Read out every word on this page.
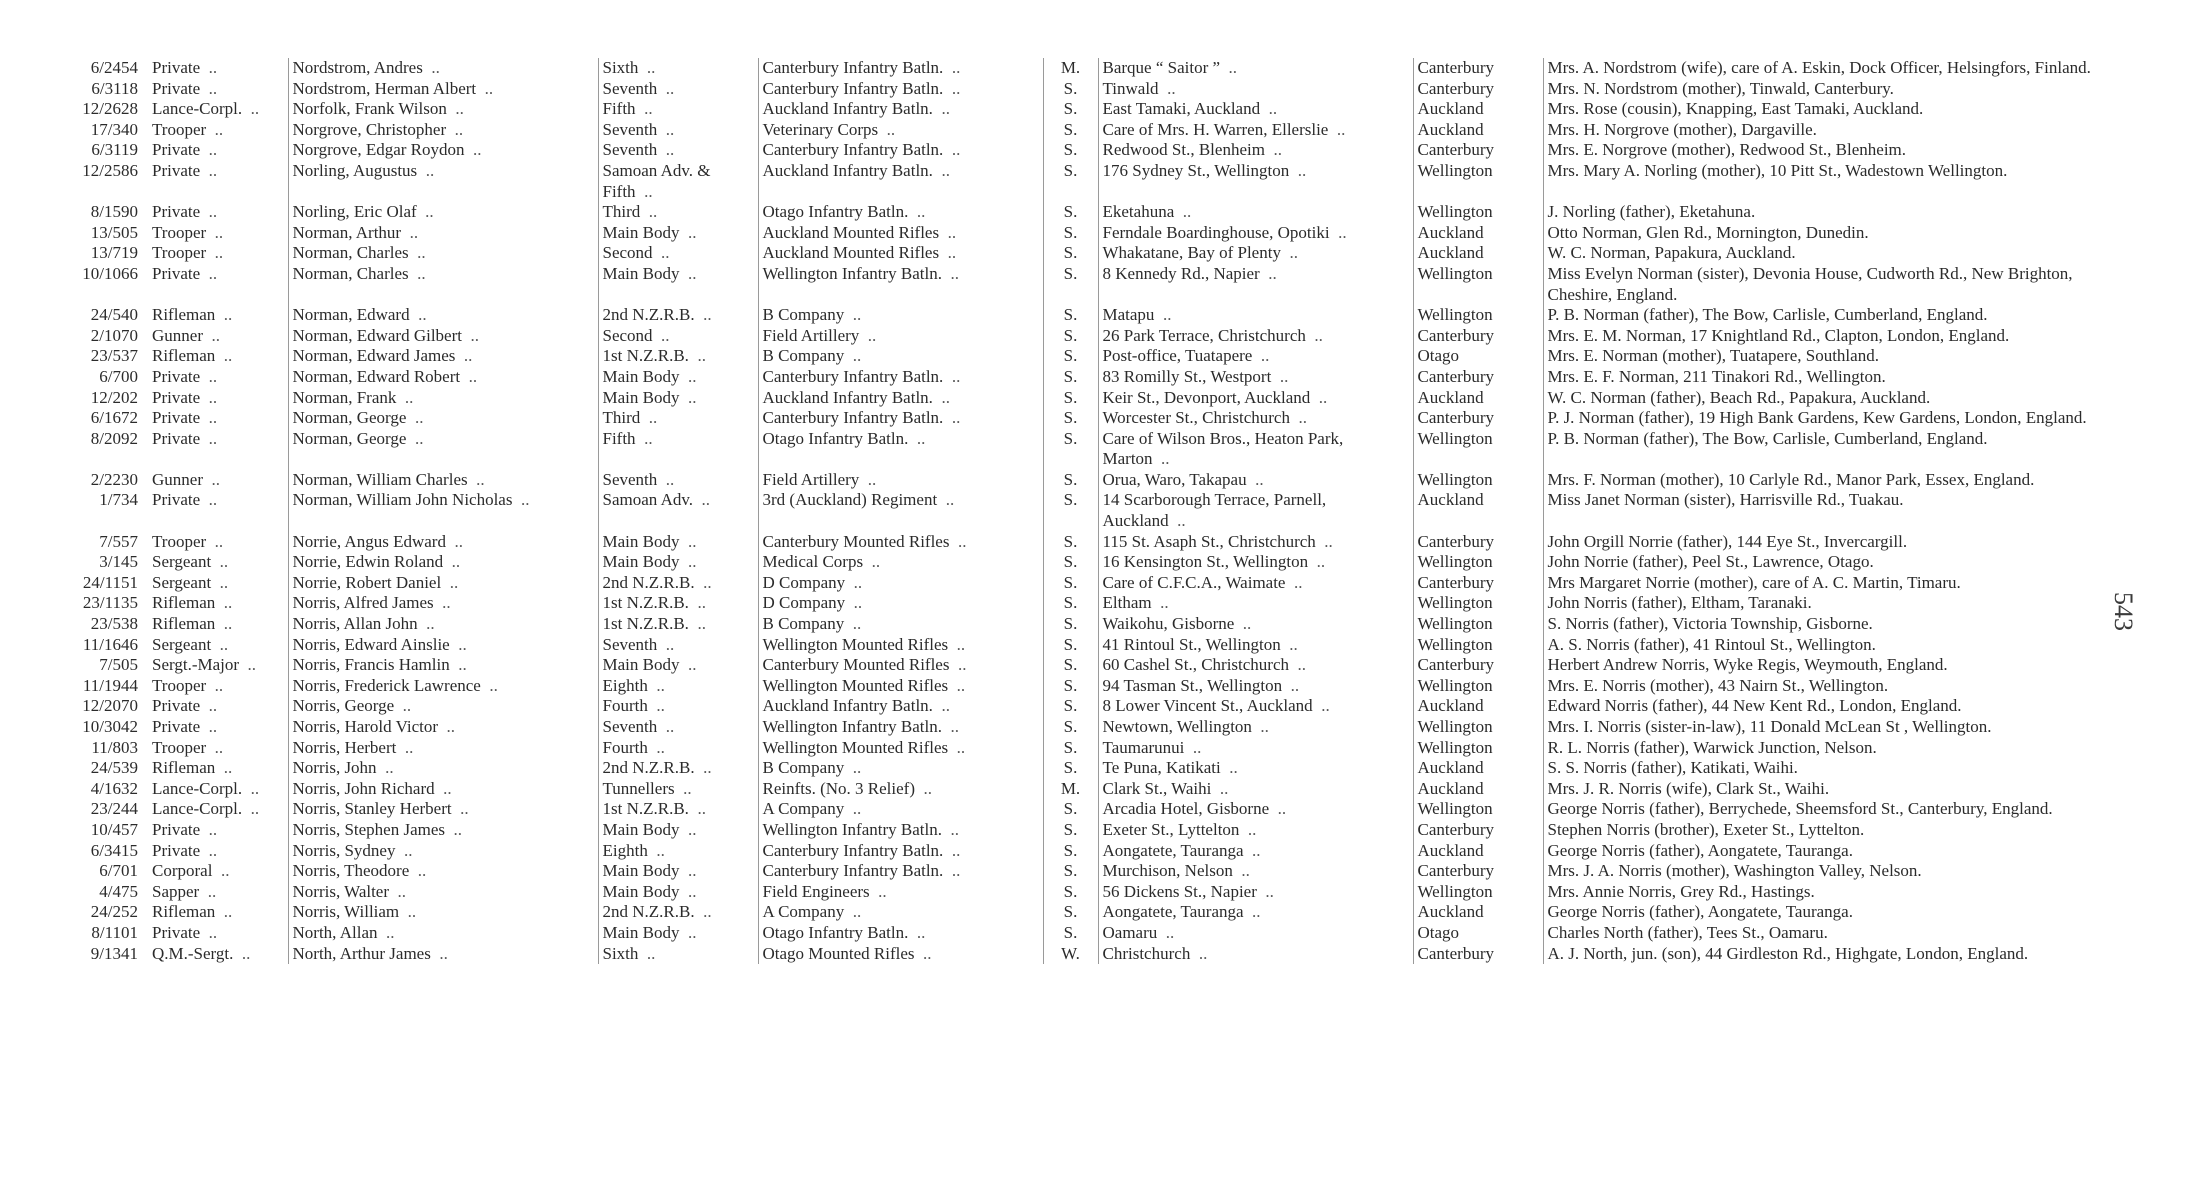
6/2454	Private  ..	Nordstrom, Andres  ..	Sixth  ..	Canterbury Infantry Batln.  ..	M.	Barque “ Saitor ”  ..	Canterbury	Mrs. A. Nordstrom (wife), care of A. Eskin, Dock Officer, Helsingfors, Finland.
6/3118	Private  ..	Nordstrom, Herman Albert  ..	Seventh  ..	Canterbury Infantry Batln.  ..	S.	Tinwald  ..	Canterbury	Mrs. N. Nordstrom (mother), Tinwald, Canterbury.
12/2628	Lance-Corpl.  ..	Norfolk, Frank Wilson  ..	Fifth  ..	Auckland Infantry Batln.  ..	S.	East Tamaki, Auckland  ..	Auckland	Mrs. Rose (cousin), Knapping, East Tamaki, Auckland.
17/340	Trooper  ..	Norgrove, Christopher  ..	Seventh  ..	Veterinary Corps  ..	S.	Care of Mrs. H. Warren, Ellerslie  ..	Auckland	Mrs. H. Norgrove (mother), Dargaville.
6/3119	Private  ..	Norgrove, Edgar Roydon  ..	Seventh  ..	Canterbury Infantry Batln.  ..	S.	Redwood St., Blenheim  ..	Canterbury	Mrs. E. Norgrove (mother), Redwood St., Blenheim.
12/2586	Private  ..	Norling, Augustus  ..	Samoan Adv. & Fifth  ..	Auckland Infantry Batln.  ..	S.	176 Sydney St., Wellington  ..	Wellington	Mrs. Mary A. Norling (mother), 10 Pitt St., Wadestown Wellington.
8/1590	Private  ..	Norling, Eric Olaf  ..	Third  ..	Otago Infantry Batln.  ..	S.	Eketahuna  ..	Wellington	J. Norling (father), Eketahuna.
13/505	Trooper  ..	Norman, Arthur  ..	Main Body  ..	Auckland Mounted Rifles  ..	S.	Ferndale Boardinghouse, Opotiki  ..	Auckland	Otto Norman, Glen Rd., Mornington, Dunedin.
13/719	Trooper  ..	Norman, Charles  ..	Second  ..	Auckland Mounted Rifles  ..	S.	Whakatane, Bay of Plenty  ..	Auckland	W. C. Norman, Papakura, Auckland.
10/1066	Private  ..	Norman, Charles  ..	Main Body  ..	Wellington Infantry Batln.  ..	S.	8 Kennedy Rd., Napier  ..	Wellington	Miss Evelyn Norman (sister), Devonia House, Cudworth Rd., New Brighton, Cheshire, England.
24/540	Rifleman  ..	Norman, Edward  ..	2nd N.Z.R.B.  ..	B Company  ..	S.	Matapu  ..	Wellington	P. B. Norman (father), The Bow, Carlisle, Cumberland, England.
2/1070	Gunner  ..	Norman, Edward Gilbert  ..	Second  ..	Field Artillery  ..	S.	26 Park Terrace, Christchurch  ..	Canterbury	Mrs. E. M. Norman, 17 Knightland Rd., Clapton, London, England.
23/537	Rifleman  ..	Norman, Edward James  ..	1st N.Z.R.B.  ..	B Company  ..	S.	Post-office, Tuatapere  ..	Otago	Mrs. E. Norman (mother), Tuatapere, Southland.
6/700	Private  ..	Norman, Edward Robert  ..	Main Body  ..	Canterbury Infantry Batln.  ..	S.	83 Romilly St., Westport  ..	Canterbury	Mrs. E. F. Norman, 211 Tinakori Rd., Wellington.
12/202	Private  ..	Norman, Frank  ..	Main Body  ..	Auckland Infantry Batln.  ..	S.	Keir St., Devonport, Auckland  ..	Auckland	W. C. Norman (father), Beach Rd., Papakura, Auckland.
6/1672	Private  ..	Norman, George  ..	Third  ..	Canterbury Infantry Batln.  ..	S.	Worcester St., Christchurch  ..	Canterbury	P. J. Norman (father), 19 High Bank Gardens, Kew Gardens, London, England.
8/2092	Private  ..	Norman, George  ..	Fifth  ..	Otago Infantry Batln.  ..	S.	Care of Wilson Bros., Heaton Park, Marton  ..	Wellington	P. B. Norman (father), The Bow, Carlisle, Cumberland, England.
2/2230	Gunner  ..	Norman, William Charles  ..	Seventh  ..	Field Artillery  ..	S.	Orua, Waro, Takapau  ..	Wellington	Mrs. F. Norman (mother), 10 Carlyle Rd., Manor Park, Essex, England.
1/734	Private  ..	Norman, William John Nicholas  ..	Samoan Adv.  ..	3rd (Auckland) Regiment  ..	S.	14 Scarborough Terrace, Parnell, Auckland  ..	Auckland	Miss Janet Norman (sister), Harrisville Rd., Tuakau.
7/557	Trooper  ..	Norrie, Angus Edward  ..	Main Body  ..	Canterbury Mounted Rifles  ..	S.	115 St. Asaph St., Christchurch  ..	Canterbury	John Orgill Norrie (father), 144 Eye St., Invercargill.
3/145	Sergeant  ..	Norrie, Edwin Roland  ..	Main Body  ..	Medical Corps  ..	S.	16 Kensington St., Wellington  ..	Wellington	John Norrie (father), Peel St., Lawrence, Otago.
24/1151	Sergeant  ..	Norrie, Robert Daniel  ..	2nd N.Z.R.B.  ..	D Company  ..	S.	Care of C.F.C.A., Waimate  ..	Canterbury	Mrs Margaret Norrie (mother), care of A. C. Martin, Timaru.
23/1135	Rifleman  ..	Norris, Alfred James  ..	1st N.Z.R.B.  ..	D Company  ..	S.	Eltham  ..	Wellington	John Norris (father), Eltham, Taranaki.
23/538	Rifleman  ..	Norris, Allan John  ..	1st N.Z.R.B.  ..	B Company  ..	S.	Waikohu, Gisborne  ..	Wellington	S. Norris (father), Victoria Township, Gisborne.
11/1646	Sergeant  ..	Norris, Edward Ainslie  ..	Seventh  ..	Wellington Mounted Rifles  ..	S.	41 Rintoul St., Wellington  ..	Wellington	A. S. Norris (father), 41 Rintoul St., Wellington.
7/505	Sergt.-Major  ..	Norris, Francis Hamlin  ..	Main Body  ..	Canterbury Mounted Rifles  ..	S.	60 Cashel St., Christchurch  ..	Canterbury	Herbert Andrew Norris, Wyke Regis, Weymouth, England.
11/1944	Trooper  ..	Norris, Frederick Lawrence  ..	Eighth  ..	Wellington Mounted Rifles  ..	S.	94 Tasman St., Wellington  ..	Wellington	Mrs. E. Norris (mother), 43 Nairn St., Wellington.
12/2070	Private  ..	Norris, George  ..	Fourth  ..	Auckland Infantry Batln.  ..	S.	8 Lower Vincent St., Auckland  ..	Auckland	Edward Norris (father), 44 New Kent Rd., London, England.
10/3042	Private  ..	Norris, Harold Victor  ..	Seventh  ..	Wellington Infantry Batln.  ..	S.	Newtown, Wellington  ..	Wellington	Mrs. I. Norris (sister-in-law), 11 Donald McLean St , Wellington.
11/803	Trooper  ..	Norris, Herbert  ..	Fourth  ..	Wellington Mounted Rifles  ..	S.	Taumarunui  ..	Wellington	R. L. Norris (father), Warwick Junction, Nelson.
24/539	Rifleman  ..	Norris, John  ..	2nd N.Z.R.B.  ..	B Company  ..	S.	Te Puna, Katikati  ..	Auckland	S. S. Norris (father), Katikati, Waihi.
4/1632	Lance-Corpl.  ..	Norris, John Richard  ..	Tunnellers  ..	Reinfts. (No. 3 Relief)  ..	M.	Clark St., Waihi  ..	Auckland	Mrs. J. R. Norris (wife), Clark St., Waihi.
23/244	Lance-Corpl.  ..	Norris, Stanley Herbert  ..	1st N.Z.R.B.  ..	A Company  ..	S.	Arcadia Hotel, Gisborne  ..	Wellington	George Norris (father), Berrychede, Sheemsford St., Canterbury, England.
10/457	Private  ..	Norris, Stephen James  ..	Main Body  ..	Wellington Infantry Batln.  ..	S.	Exeter St., Lyttelton  ..	Canterbury	Stephen Norris (brother), Exeter St., Lyttelton.
6/3415	Private  ..	Norris, Sydney  ..	Eighth  ..	Canterbury Infantry Batln.  ..	S.	Aongatete, Tauranga  ..	Auckland	George Norris (father), Aongatete, Tauranga.
6/701	Corporal  ..	Norris, Theodore  ..	Main Body  ..	Canterbury Infantry Batln.  ..	S.	Murchison, Nelson  ..	Canterbury	Mrs. J. A. Norris (mother), Washington Valley, Nelson.
4/475	Sapper  ..	Norris, Walter  ..	Main Body  ..	Field Engineers  ..	S.	56 Dickens St., Napier  ..	Wellington	Mrs. Annie Norris, Grey Rd., Hastings.
24/252	Rifleman  ..	Norris, William  ..	2nd N.Z.R.B.  ..	A Company  ..	S.	Aongatete, Tauranga  ..	Auckland	George Norris (father), Aongatete, Tauranga.
8/1101	Private  ..	North, Allan  ..	Main Body  ..	Otago Infantry Batln.  ..	S.	Oamaru  ..	Otago	Charles North (father), Tees St., Oamaru.
9/1341	Q.M.-Sergt.  ..	North, Arthur James  ..	Sixth  ..	Otago Mounted Rifles  ..	W.	Christchurch  ..	Canterbury	A. J. North, jun. (son), 44 Girdleston Rd., Highgate, London, England.
543
